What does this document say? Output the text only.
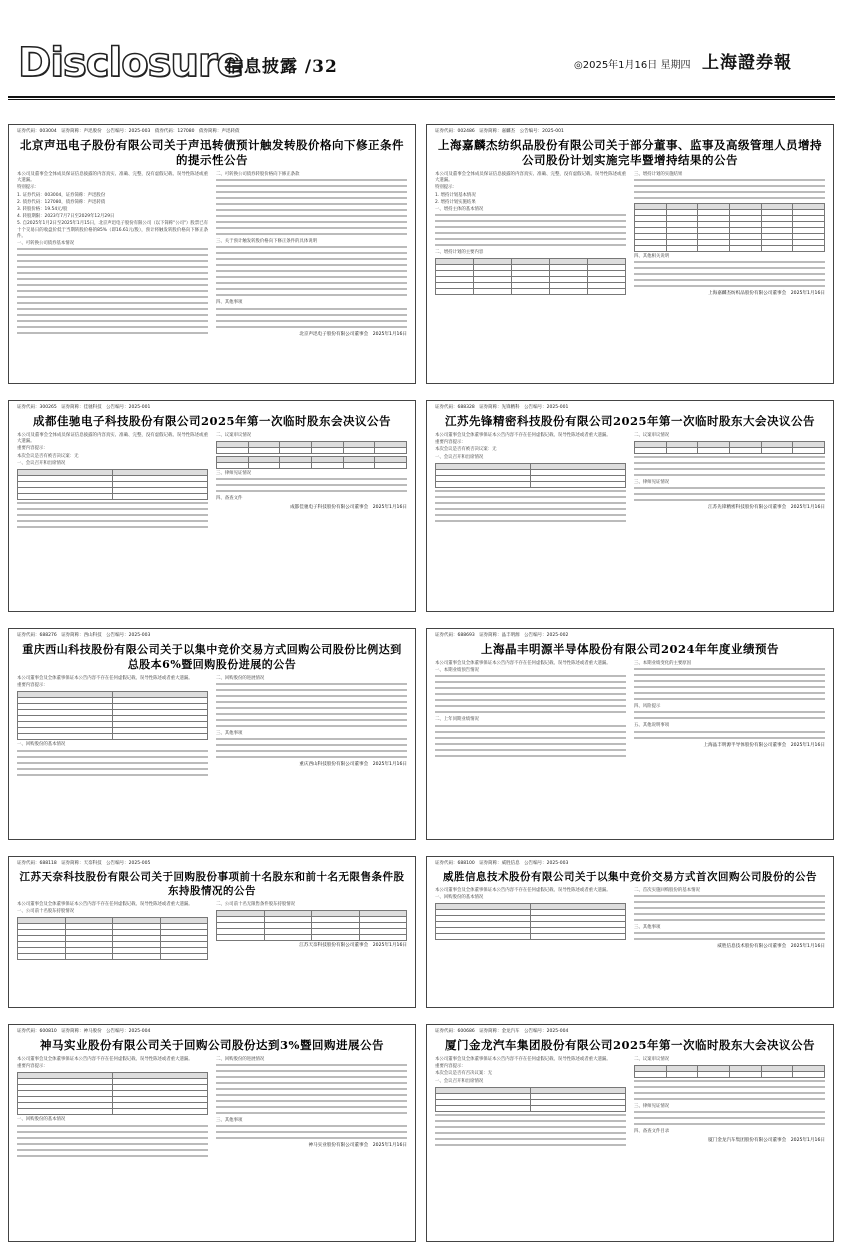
Disclosure
信息披露 /32	◎2025年1月16日 星期四 上海證券報
证券代码：003004　证券简称：声迅股份　公告编号：2025-003　债券代码：127080　债券简称：声迅转债
北京声迅电子股份有限公司关于声迅转债预计触发转股价格向下修正条件的提示性公告

本公司及董事会全体成员保证信息披露的内容真实、准确、完整，没有虚假记载、误导性陈述或重大遗漏。

特别提示：

1. 证券代码：003004，证券简称：声迅股份

2. 债券代码：127080，债券简称：声迅转债

3. 转股价格：19.54元/股

4. 转股期限：2023年7月7日至2029年12月29日

5. 自2025年1月2日至2025年1月15日，北京声迅电子股份有限公司（以下简称"公司"）股票已有十个交易日的收盘价低于当期转股价格的85%（即16.61元/股），预计将触发转股价格向下修正条件。

一、可转换公司债券基本情况

二、可转换公司债券转股价格向下修正条款

三、关于预计触发转股价格向下修正条件的具体说明

四、其他事项

北京声迅电子股份有限公司董事会　2025年1月16日
证券代码：002486　证券简称：嘉麟杰　公告编号：2025-001
上海嘉麟杰纺织品股份有限公司关于部分董事、监事及高级管理人员增持公司股份计划实施完毕暨增持结果的公告

本公司及董事会全体成员保证信息披露的内容真实、准确、完整，没有虚假记载、误导性陈述或重大遗漏。

特别提示：

1. 增持计划基本情况

2. 增持计划实施结果

一、增持主体的基本情况

二、增持计划的主要内容

三、增持计划的实施结果

四、其他相关说明

上海嘉麟杰纺织品股份有限公司董事会　2025年1月16日
证券代码：300265　证券简称：佳驰科技　公告编号：2025-001
成都佳驰电子科技股份有限公司2025年第一次临时股东会决议公告

本公司及董事会全体成员保证信息披露的内容真实、准确、完整，没有虚假记载、误导性陈述或重大遗漏。

重要内容提示：

本次会议是否有被否决议案：无

一、会议召开和出席情况

二、议案审议情况

三、律师见证情况

四、备查文件

成都佳驰电子科技股份有限公司董事会　2025年1月16日
证券代码：688328　证券简称：先锋精科　公告编号：2025-001
江苏先锋精密科技股份有限公司2025年第一次临时股东大会决议公告

本公司董事会及全体董事保证本公告内容不存在任何虚假记载、误导性陈述或者重大遗漏。

重要内容提示：

本次会议是否有被否决议案：无

一、会议召开和出席情况

二、议案审议情况

三、律师见证情况

江苏先锋精密科技股份有限公司董事会　2025年1月16日
证券代码：688276　证券简称：西山科技　公告编号：2025-003
重庆西山科技股份有限公司关于以集中竞价交易方式回购公司股份比例达到总股本6%暨回购股份进展的公告

本公司董事会及全体董事保证本公告内容不存在任何虚假记载、误导性陈述或者重大遗漏。

重要内容提示：

一、回购股份的基本情况

二、回购股份的进展情况

三、其他事项

重庆西山科技股份有限公司董事会　2025年1月16日
证券代码：688693　证券简称：晶丰明源　公告编号：2025-002
上海晶丰明源半导体股份有限公司2024年年度业绩预告

本公司董事会及全体董事保证本公告内容不存在任何虚假记载、误导性陈述或者重大遗漏。

一、本期业绩预告情况

二、上年同期业绩情况

三、本期业绩变化的主要原因

四、风险提示

五、其他说明事项

上海晶丰明源半导体股份有限公司董事会　2025年1月16日
证券代码：688118　证券简称：天奈科技　公告编号：2025-005
江苏天奈科技股份有限公司关于回购股份事项前十名股东和前十名无限售条件股东持股情况的公告

本公司董事会及全体董事保证本公告内容不存在任何虚假记载、误导性陈述或者重大遗漏。

一、公司前十名股东持股情况

二、公司前十名无限售条件股东持股情况

江苏天奈科技股份有限公司董事会　2025年1月16日
证券代码：688100　证券简称：威胜信息　公告编号：2025-003
威胜信息技术股份有限公司关于以集中竞价交易方式首次回购公司股份的公告

本公司董事会及全体董事保证本公告内容不存在任何虚假记载、误导性陈述或者重大遗漏。

一、回购股份的基本情况

二、首次实施回购股份的基本情况

三、其他事项

威胜信息技术股份有限公司董事会　2025年1月16日
证券代码：600810　证券简称：神马股份　公告编号：2025-004
神马实业股份有限公司关于回购公司股份达到3%暨回购进展公告

本公司董事会及全体董事保证本公告内容不存在任何虚假记载、误导性陈述或者重大遗漏。

重要内容提示：

一、回购股份的基本情况

二、回购股份的进展情况

三、其他事项

神马实业股份有限公司董事会　2025年1月16日
证券代码：600686　证券简称：金龙汽车　公告编号：2025-004
厦门金龙汽车集团股份有限公司2025年第一次临时股东大会决议公告

本公司董事会及全体董事保证本公告内容不存在任何虚假记载、误导性陈述或者重大遗漏。

重要内容提示：

本次会议是否有否决议案：无

一、会议召开和出席情况

二、议案审议情况

三、律师见证情况

四、备查文件目录

厦门金龙汽车集团股份有限公司董事会　2025年1月16日
